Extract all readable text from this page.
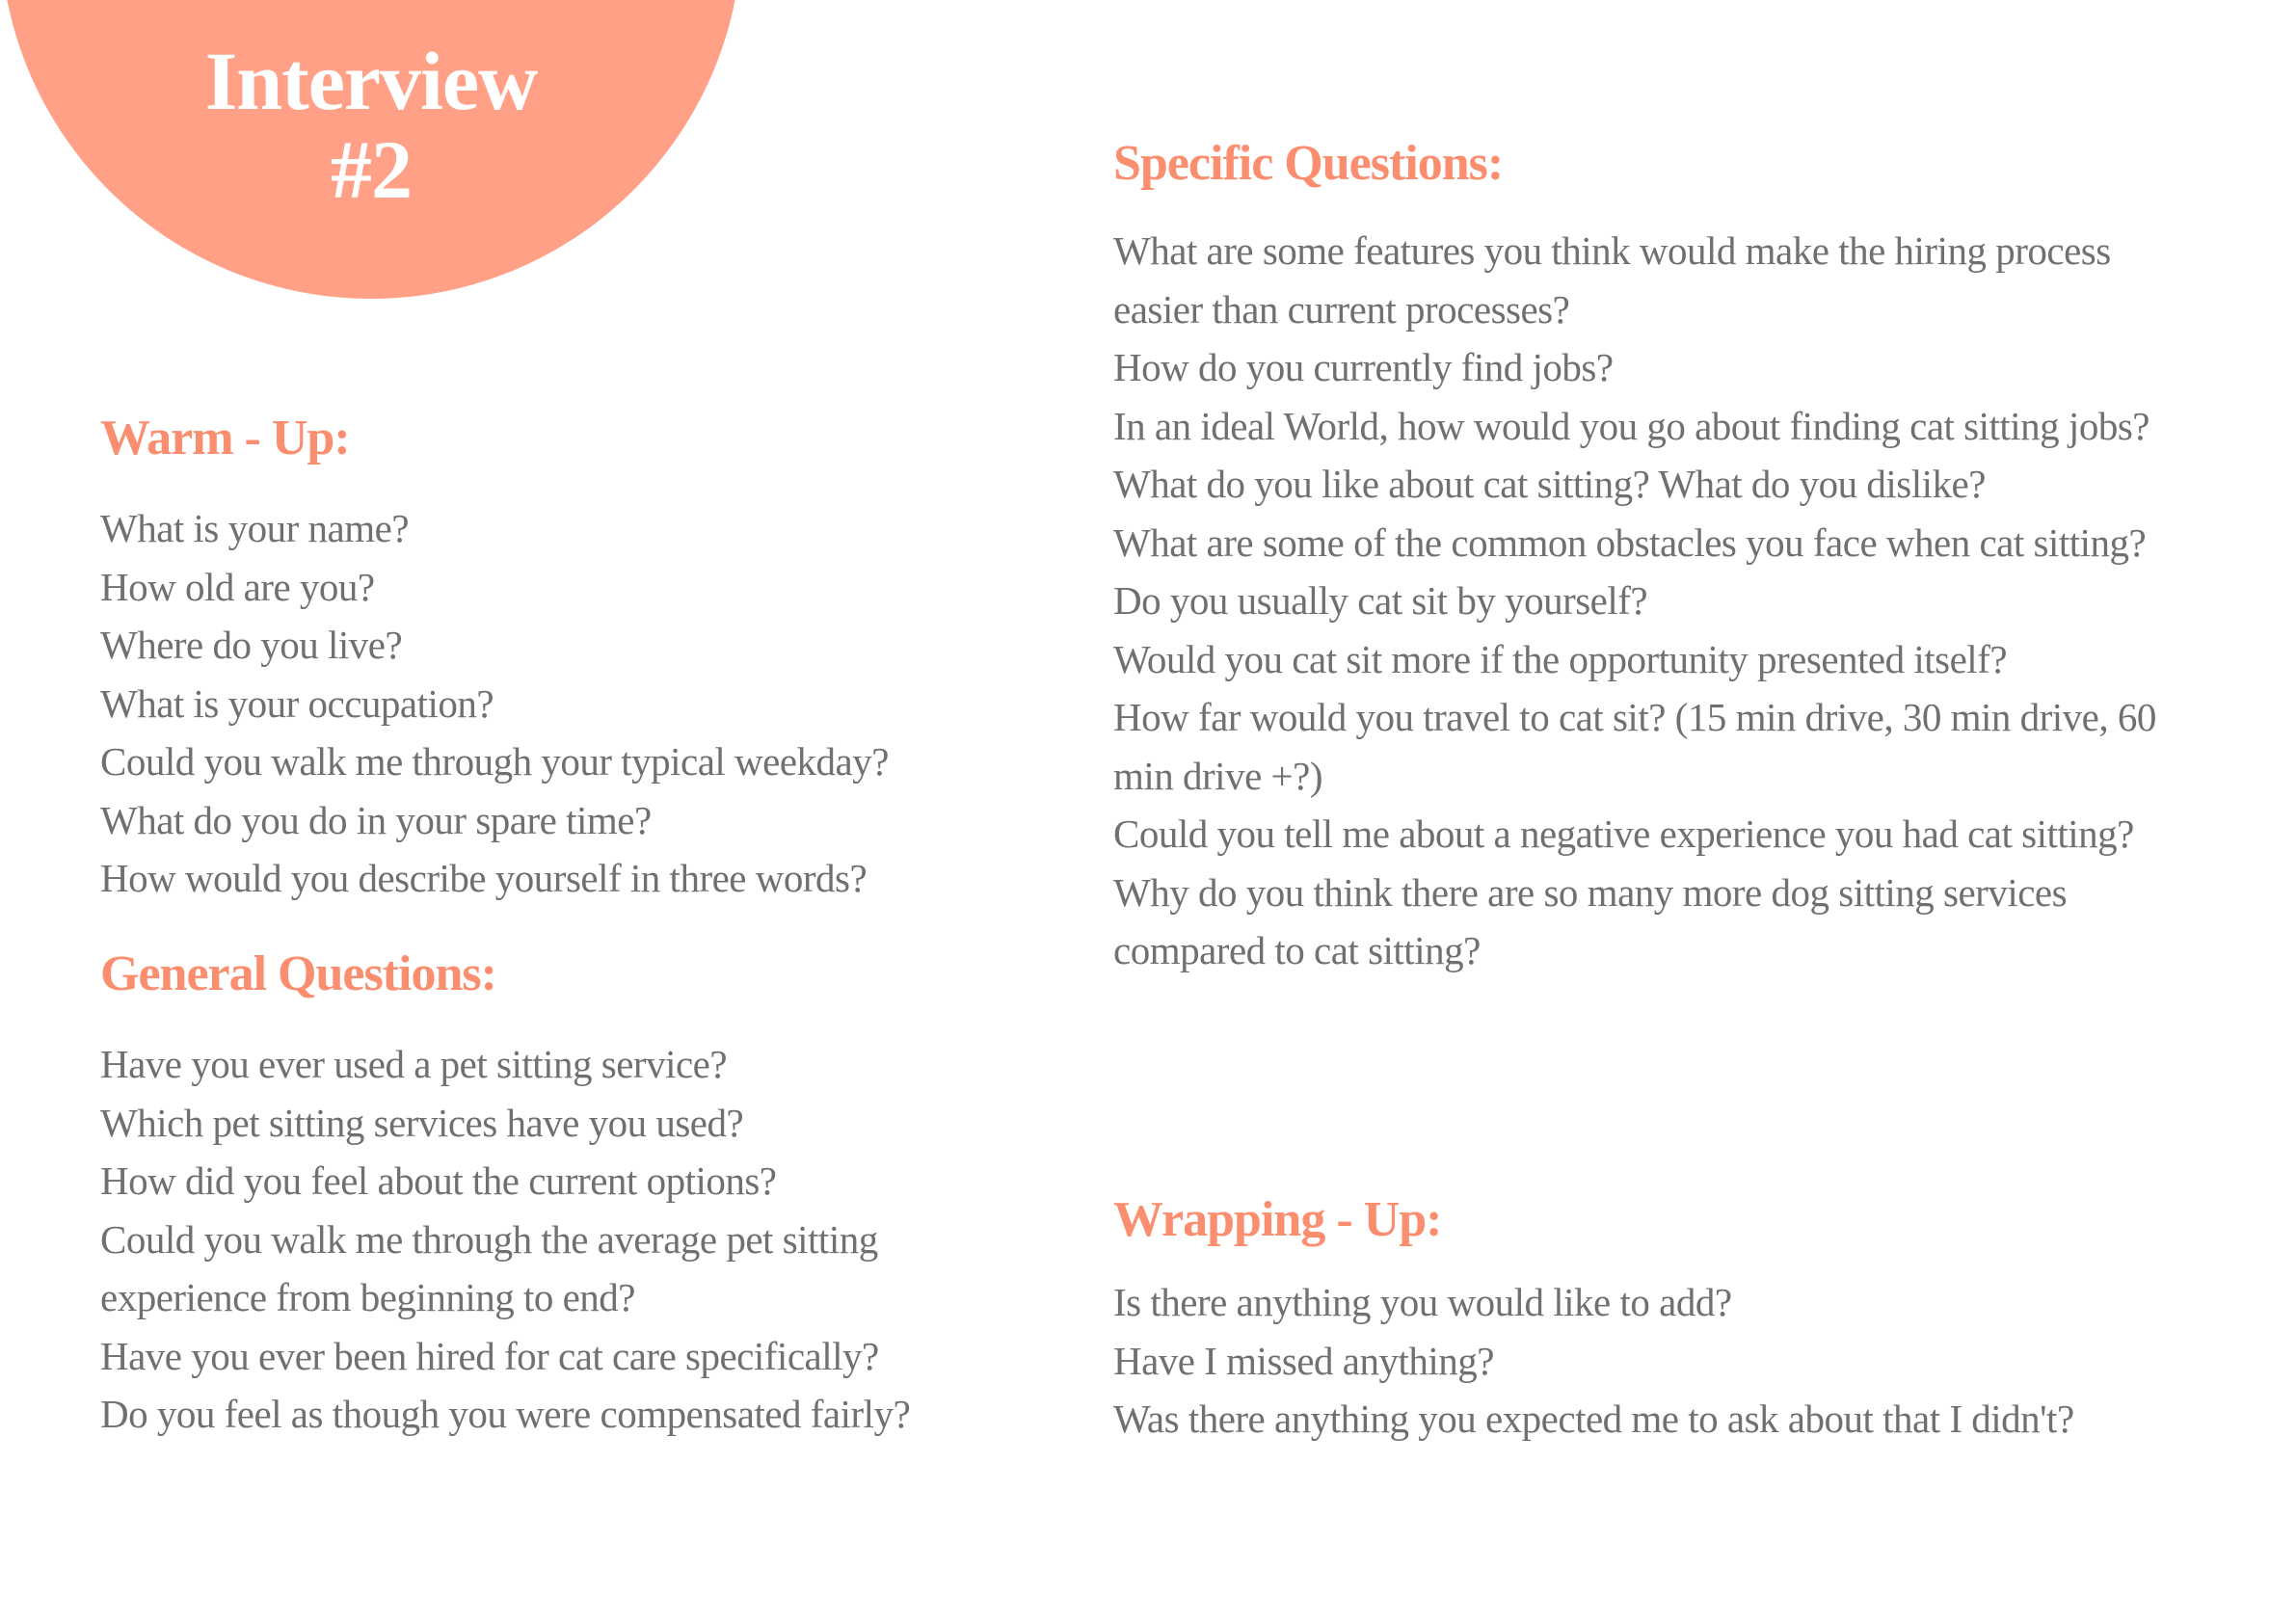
Interview
#2
Warm - Up:
What is your name?
How old are you?
Where do you live?
What is your occupation?
Could you walk me through your typical weekday?
What do you do in your spare time?
How would you describe yourself in three words?
General Questions:
Have you ever used a pet sitting service?
Which pet sitting services have you used?
How did you feel about the current options?
Could you walk me through the average pet sitting experience from beginning to end?
Have you ever been hired for cat care specifically?
Do you feel as though you were compensated fairly?
Specific Questions:
What are some features you think would make the hiring process easier than current processes?
How do you currently find jobs?
In an ideal World, how would you go about finding cat sitting jobs?
What do you like about cat sitting? What do you dislike?
What are some of the common obstacles you face when cat sitting?
Do you usually cat sit by yourself?
Would you cat sit more if the opportunity presented itself?
How far would you travel to cat sit? (15 min drive, 30 min drive, 60 min drive +?)
Could you tell me about a negative experience you had cat sitting?
Why do you think there are so many more dog sitting services compared to cat sitting?
Wrapping - Up:
Is there anything you would like to add?
Have I missed anything?
Was there anything you expected me to ask about that I didn't?
